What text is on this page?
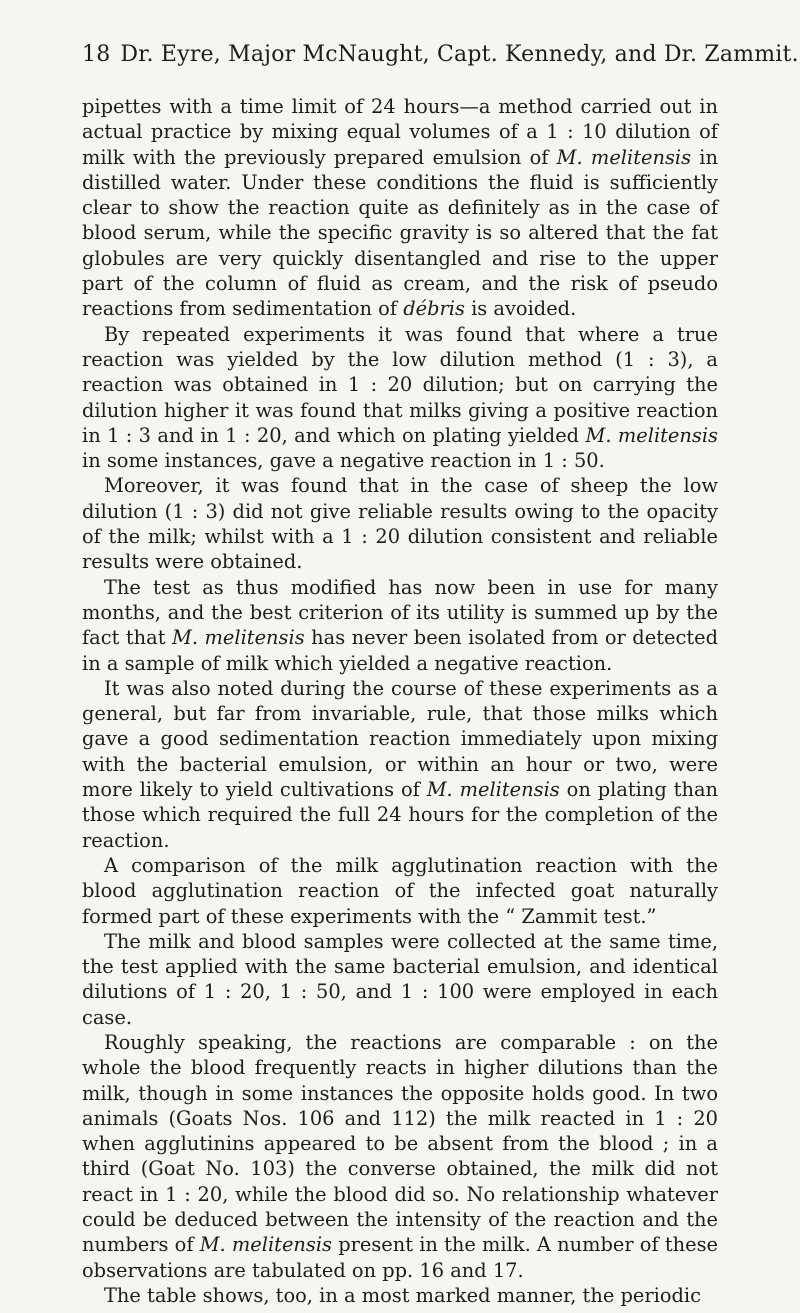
18 Dr. Eyre, Major McNaught, Capt. Kennedy, and Dr. Zammit.

pipettes with a time limit of 24 hours—a method carried out in actual practice by mixing equal volumes of a 1 : 10 dilution of milk with the previously prepared emulsion of M. melitensis in distilled water. Under these conditions the fluid is sufficiently clear to show the reaction quite as definitely as in the case of blood serum, while the specific gravity is so altered that the fat globules are very quickly disentangled and rise to the upper part of the column of fluid as cream, and the risk of pseudo reactions from sedimentation of débris is avoided.

By repeated experiments it was found that where a true reaction was yielded by the low dilution method (1 : 3), a reaction was obtained in 1 : 20 dilution; but on carrying the dilution higher it was found that milks giving a positive reaction in 1 : 3 and in 1 : 20, and which on plating yielded M. melitensis in some instances, gave a negative reaction in 1 : 50.

Moreover, it was found that in the case of sheep the low dilution (1 : 3) did not give reliable results owing to the opacity of the milk; whilst with a 1 : 20 dilution consistent and reliable results were obtained.

The test as thus modified has now been in use for many months, and the best criterion of its utility is summed up by the fact that M. melitensis has never been isolated from or detected in a sample of milk which yielded a negative reaction.

It was also noted during the course of these experiments as a general, but far from invariable, rule, that those milks which gave a good sedimentation reaction immediately upon mixing with the bacterial emulsion, or within an hour or two, were more likely to yield cultivations of M. melitensis on plating than those which required the full 24 hours for the completion of the reaction.

A comparison of the milk agglutination reaction with the blood agglutination reaction of the infected goat naturally formed part of these experiments with the “ Zammit test.”

The milk and blood samples were collected at the same time, the test applied with the same bacterial emulsion, and identical dilutions of 1 : 20, 1 : 50, and 1 : 100 were employed in each case.

Roughly speaking, the reactions are comparable : on the whole the blood frequently reacts in higher dilutions than the milk, though in some instances the opposite holds good. In two animals (Goats Nos. 106 and 112) the milk reacted in 1 : 20 when agglutinins appeared to be absent from the blood ; in a third (Goat No. 103) the converse obtained, the milk did not react in 1 : 20, while the blood did so. No relationship whatever could be deduced between the intensity of the reaction and the numbers of M. melitensis present in the milk. A number of these observations are tabulated on pp. 16 and 17.

The table shows, too, in a most marked manner, the periodic
